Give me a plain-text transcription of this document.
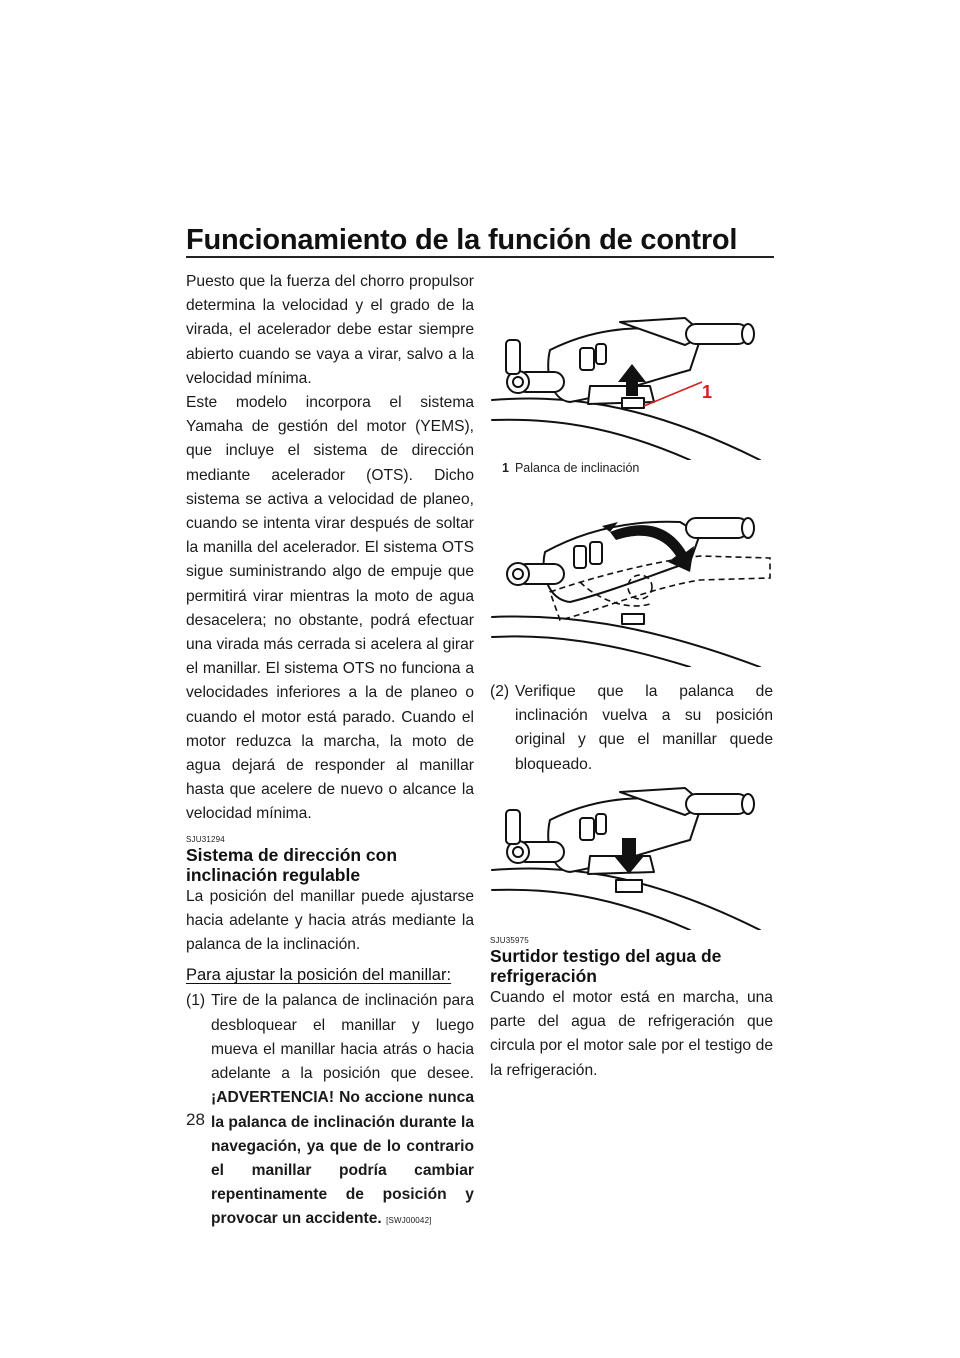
Funcionamiento de la función de control

Puesto que la fuerza del chorro propulsor determina la velocidad y el grado de la virada, el acelerador debe estar siempre abierto cuando se vaya a virar, salvo a la velocidad mínima.

Este modelo incorpora el sistema Yamaha de gestión del motor (YEMS), que incluye el sistema de dirección mediante acelerador (OTS). Dicho sistema se activa a velocidad de planeo, cuando se intenta virar después de soltar la manilla del acelerador. El sistema OTS sigue suministrando algo de empuje que permitirá virar mientras la moto de agua desacelera; no obstante, podrá efectuar una virada más cerrada si acelera al girar el manillar. El sistema OTS no funciona a velocidades inferiores a la de planeo o cuando el motor está parado. Cuando el motor reduzca la marcha, la moto de agua dejará de responder al manillar hasta que acelere de nuevo o alcance la velocidad mínima.

SJU31294
Sistema de dirección con inclinación regulable

La posición del manillar puede ajustarse hacia adelante y hacia atrás mediante la palanca de la inclinación.

Para ajustar la posición del manillar:
(1) Tire de la palanca de inclinación para desbloquear el manillar y luego mueva el manillar hacia atrás o hacia adelante a la posición que desee. ¡ADVERTENCIA! No accione nunca la palanca de inclinación durante la navegación, ya que de lo contrario el manillar podría cambiar repentinamente de posición y provocar un accidente. [SWJ00042]
1
1 Palanca de inclinación
(2) Verifique que la palanca de inclinación vuelva a su posición original y que el manillar quede bloqueado.
SJU35975
Surtidor testigo del agua de refrigeración

Cuando el motor está en marcha, una parte del agua de refrigeración que circula por el motor sale por el testigo de la refrigeración.

28
